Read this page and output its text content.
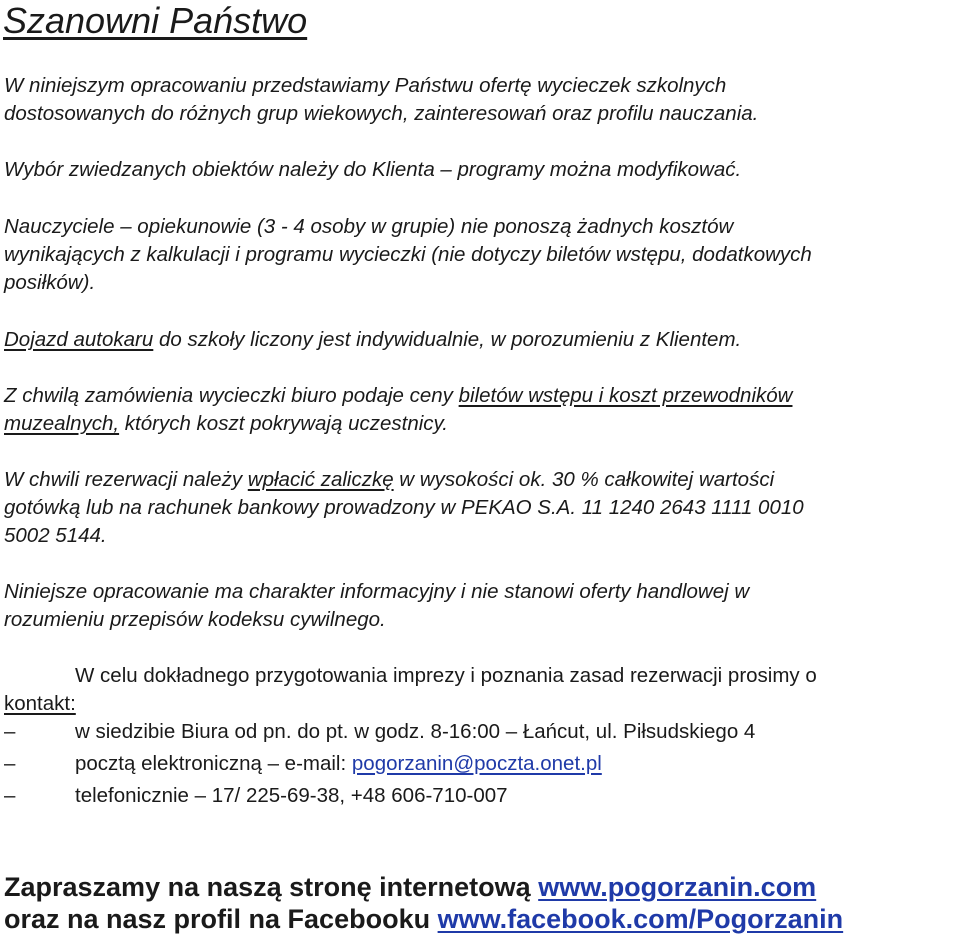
Szanowni Państwo
W niniejszym opracowaniu przedstawiamy Państwu ofertę wycieczek szkolnych
dostosowanych do różnych grup wiekowych, zainteresowań oraz profilu nauczania.
Wybór zwiedzanych obiektów należy do Klienta – programy można modyfikować.
Nauczyciele – opiekunowie (3 - 4 osoby w grupie) nie ponoszą żadnych kosztów
wynikających z kalkulacji i programu wycieczki (nie dotyczy biletów wstępu, dodatkowych
posiłków).
Dojazd autokaru do szkoły liczony jest indywidualnie, w porozumieniu z Klientem.
Z chwilą zamówienia wycieczki biuro podaje ceny biletów wstępu i koszt przewodników
muzealnych, których koszt pokrywają uczestnicy.
W chwili rezerwacji należy wpłacić zaliczkę w wysokości ok. 30 % całkowitej wartości
gotówką lub na rachunek bankowy prowadzony w PEKAO S.A. 11 1240 2643 1111 0010
5002 5144.
Niniejsze opracowanie ma charakter informacyjny i nie stanowi oferty handlowej w
rozumieniu przepisów kodeksu cywilnego.
W celu dokładnego przygotowania imprezy i poznania zasad rezerwacji prosimy o
kontakt:
–	w siedzibie Biura od pn. do pt. w godz. 8-16:00 – Łańcut, ul. Piłsudskiego 4
–	pocztą elektroniczną – e-mail: pogorzanin@poczta.onet.pl
–	telefonicznie – 17/ 225-69-38, +48 606-710-007
Zapraszamy na naszą stronę internetową www.pogorzanin.com
oraz na nasz profil na Facebooku www.facebook.com/Pogorzanin
